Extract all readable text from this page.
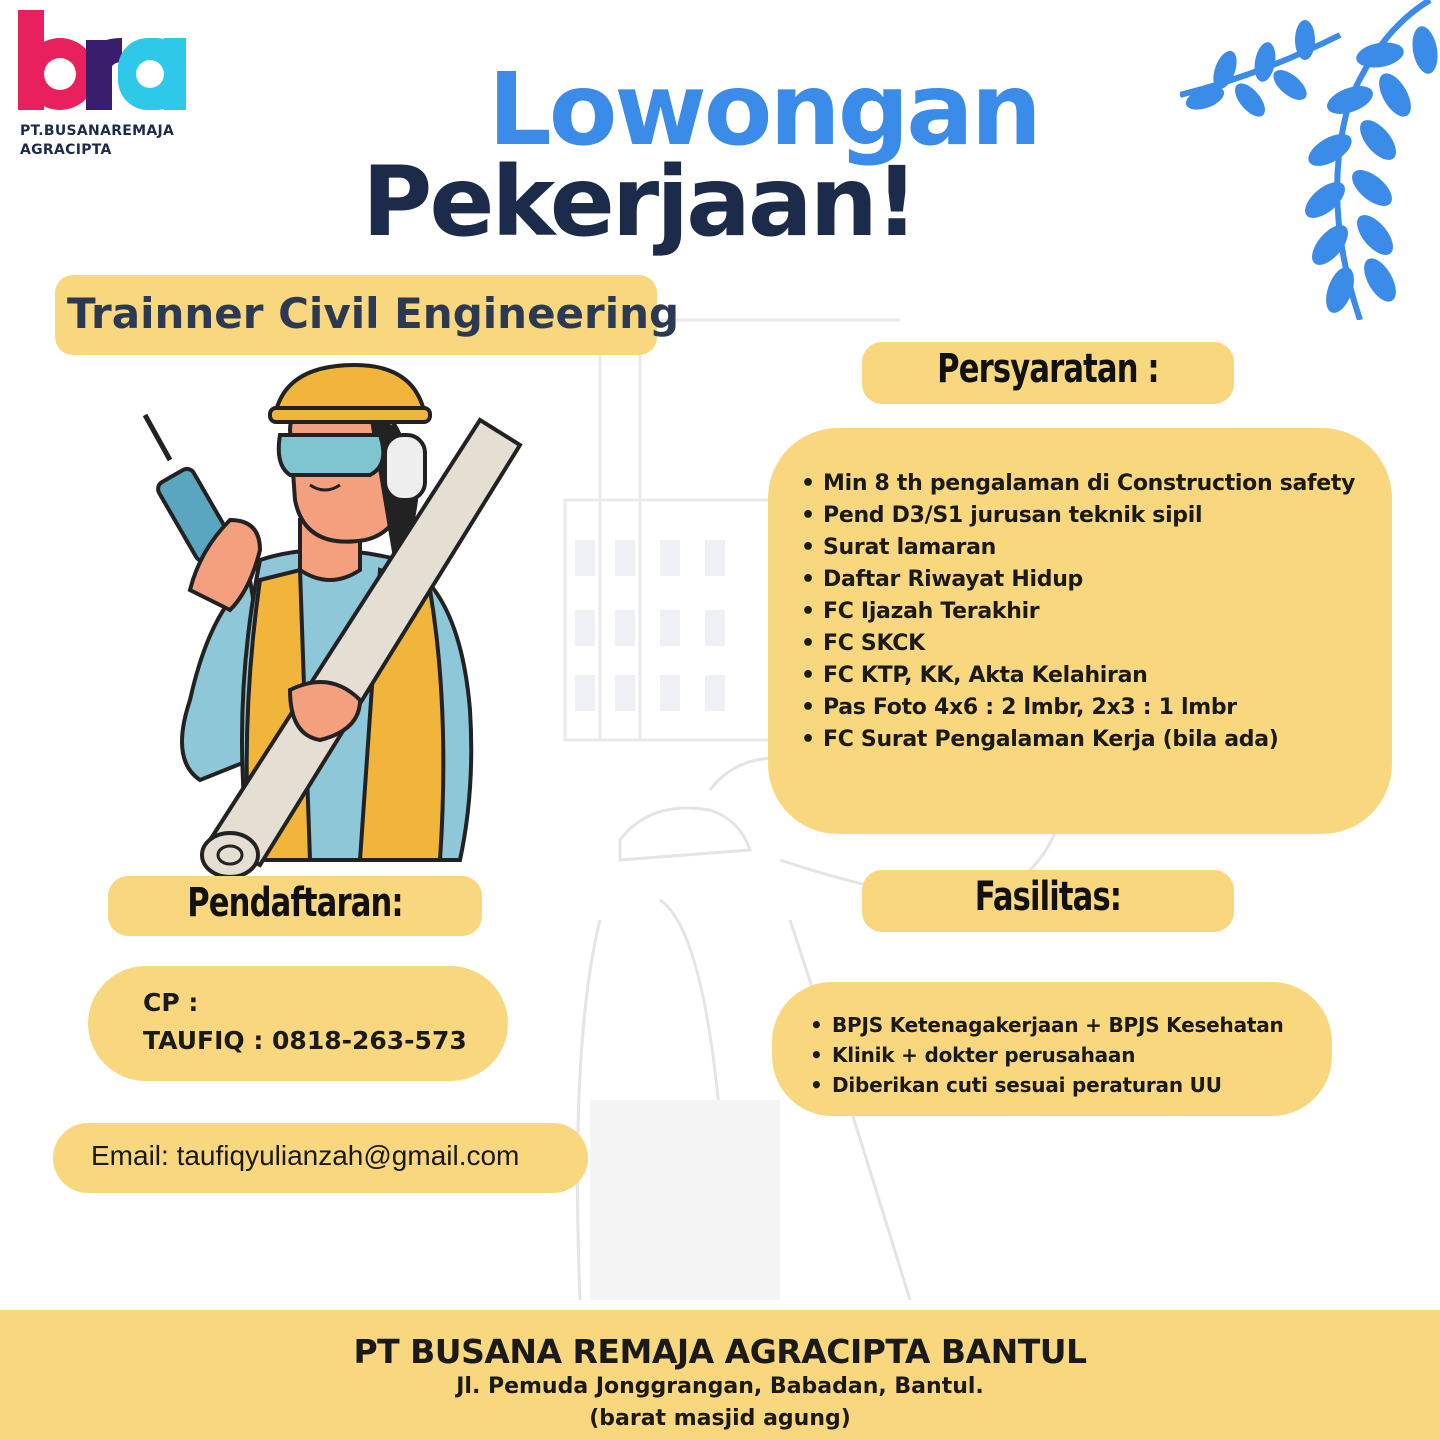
PT.BUSANAREMAJA
AGRACIPTA	Lowongan
Pekerjaan!
Trainner Civil Engineering
Persyaratan :
• Min 8 th pengalaman di Construction safety
• Pend D3/S1 jurusan teknik sipil
• Surat lamaran
• Daftar Riwayat Hidup
• FC Ijazah Terakhir
• FC SKCK
• FC KTP, KK, Akta Kelahiran
• Pas Foto 4x6 : 2 lmbr, 2x3 : 1 lmbr
• FC Surat Pengalaman Kerja (bila ada)
Fasilitas:
• BPJS Ketenagakerjaan + BPJS Kesehatan
• Klinik + dokter perusahaan
• Diberikan cuti sesuai peraturan UU
Pendaftaran:
CP :
TAUFIQ : 0818-263-573
Email: taufiqyulianzah@gmail.com
PT BUSANA REMAJA AGRACIPTA BANTUL
Jl. Pemuda Jonggrangan, Babadan, Bantul.
(barat masjid agung)
